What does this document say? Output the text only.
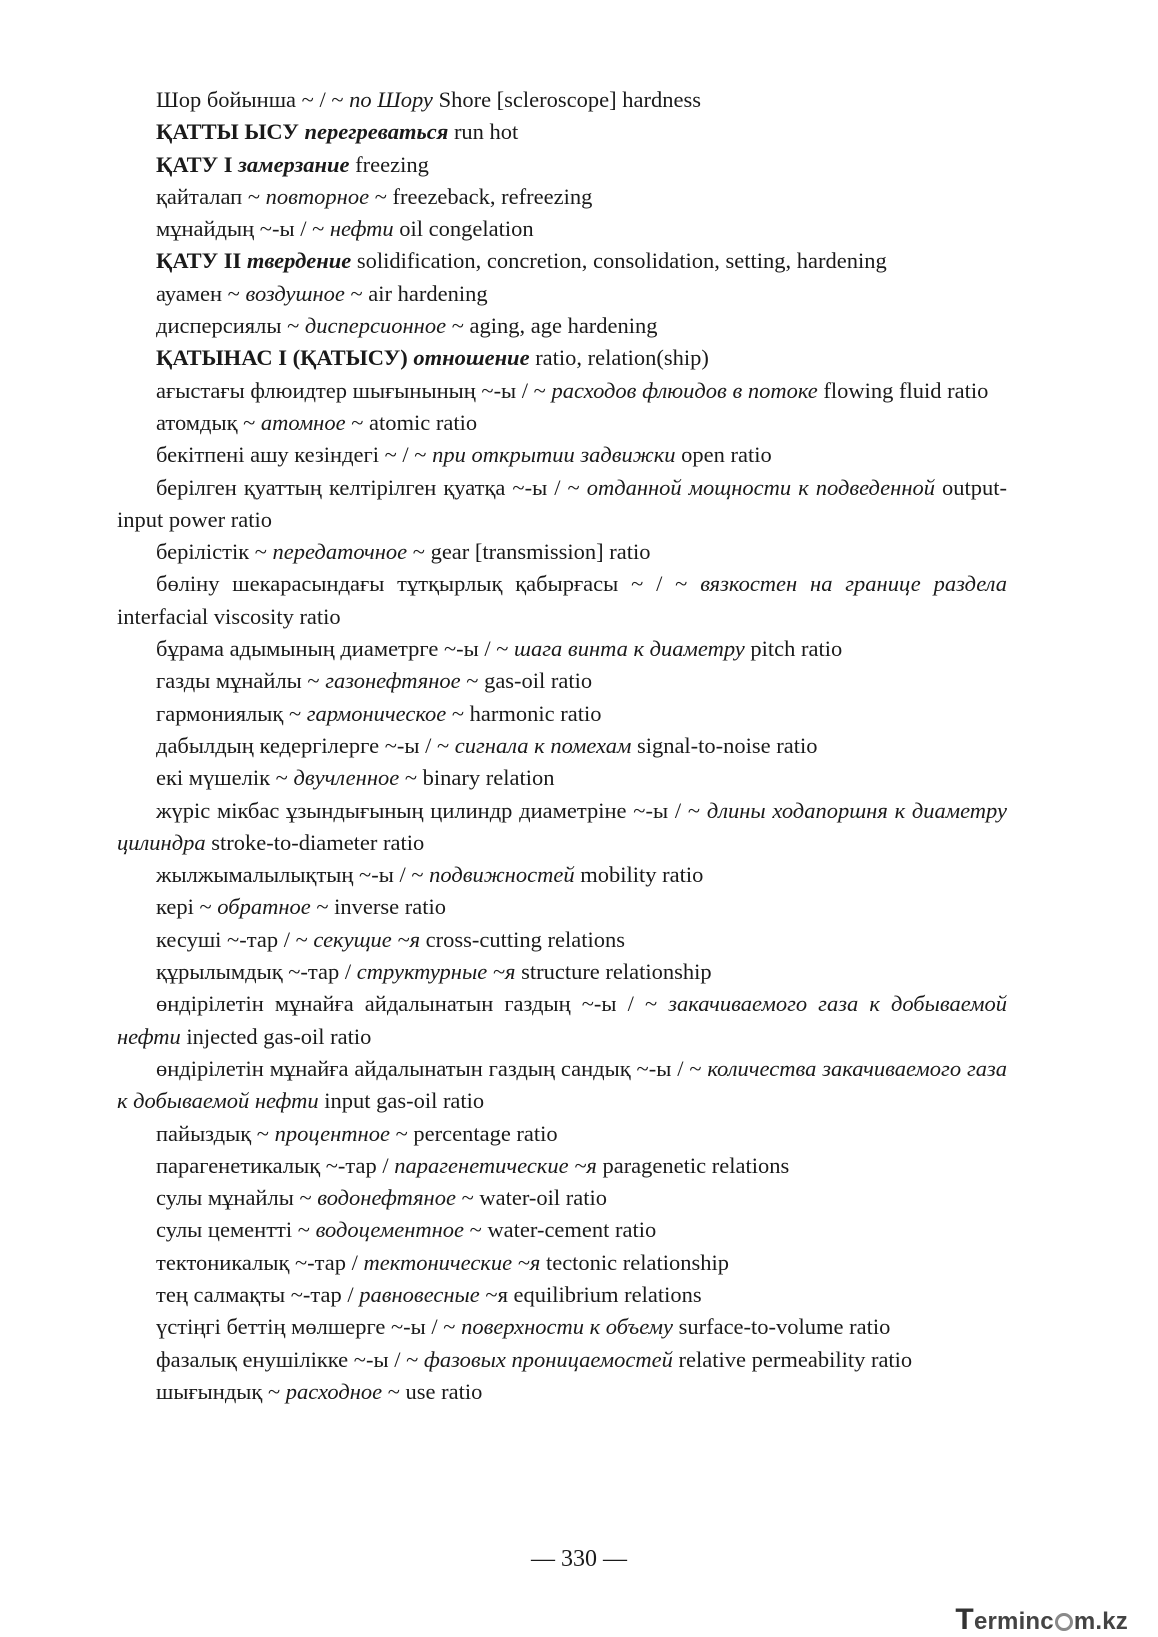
Шор бойынша ~ / ~ по Шору Shore [scleroscope] hardness

ҚАТТЫ ЫСУ перегреваться run hot

ҚАТУ I замерзание freezing

қайталап ~ повторное ~ freezeback, refreezing

мұнайдың ~-ы / ~ нефти oil congelation

ҚАТУ II твердение solidification, concretion, consolidation, setting, hardening

ауамен ~ воздушное ~ air hardening

дисперсиялы ~ дисперсионное ~ aging, age hardening

ҚАТЫНАС I (ҚАТЫСУ) отношение ratio, relation(ship)

ағыстағы флюидтер шығынының ~-ы / ~ расходов флюидов в потоке flowing fluid ratio

атомдық ~ атомное ~ atomic ratio

бекітпені ашу кезіндегі ~ / ~ при открытии задвижки open ratio

берілген қуаттың келтірілген қуатқа ~-ы / ~ отданной мощности к подведенной output-input power ratio

берілістік ~ передаточное ~ gear [transmission] ratio

бөліну шекарасындағы тұтқырлық қабырғасы ~ / ~ вязкостен на границе раздела interfacial viscosity ratio

бұрама адымының диаметрге ~-ы / ~ шага винта к диаметру pitch ratio

газды мұнайлы ~ газонефтяное ~ gas-oil ratio

гармониялық ~ гармоническое ~ harmonic ratio

дабылдың кедергілерге ~-ы / ~ сигнала к помехам signal-to-noise ratio

екі мүшелік ~ двучленное ~ binary relation

жүріс мікбас ұзындығының цилиндр диаметріне ~-ы / ~ длины ходапоршня к диаметру цилиндра stroke-to-diameter ratio

жылжымалылықтың ~-ы / ~ подвижностей mobility ratio

кері ~ обратное ~ inverse ratio

кесуші ~-тар / ~ секущие ~я cross-cutting relations

құрылымдық ~-тар / структурные ~я structure relationship

өндірілетін мұнайға айдалынатын газдың ~-ы / ~ закачиваемого газа к добываемой нефти injected gas-oil ratio

өндірілетін мұнайға айдалынатын газдың сандық ~-ы / ~ количества закачиваемого газа к добываемой нефти input gas-oil ratio

пайыздық ~ процентное ~ percentage ratio

парагенетикалық ~-тар / парагенетические ~я paragenetic relations

сулы мұнайлы ~ водонефтяное ~ water-oil ratio

сулы цементті ~ водоцементное ~ water-cement ratio

тектоникалық ~-тар / тектонические ~я tectonic relationship

тең салмақты ~-тар / равновесные ~я equilibrium relations

үстіңгі беттің мөлшерге ~-ы / ~ поверхности к объему surface-to-volume ratio

фазалық енушілікке ~-ы / ~ фазовых проницаемостей relative permeability ratio

шығындық ~ расходное ~ use ratio

— 330 —
Terminc m.kz
